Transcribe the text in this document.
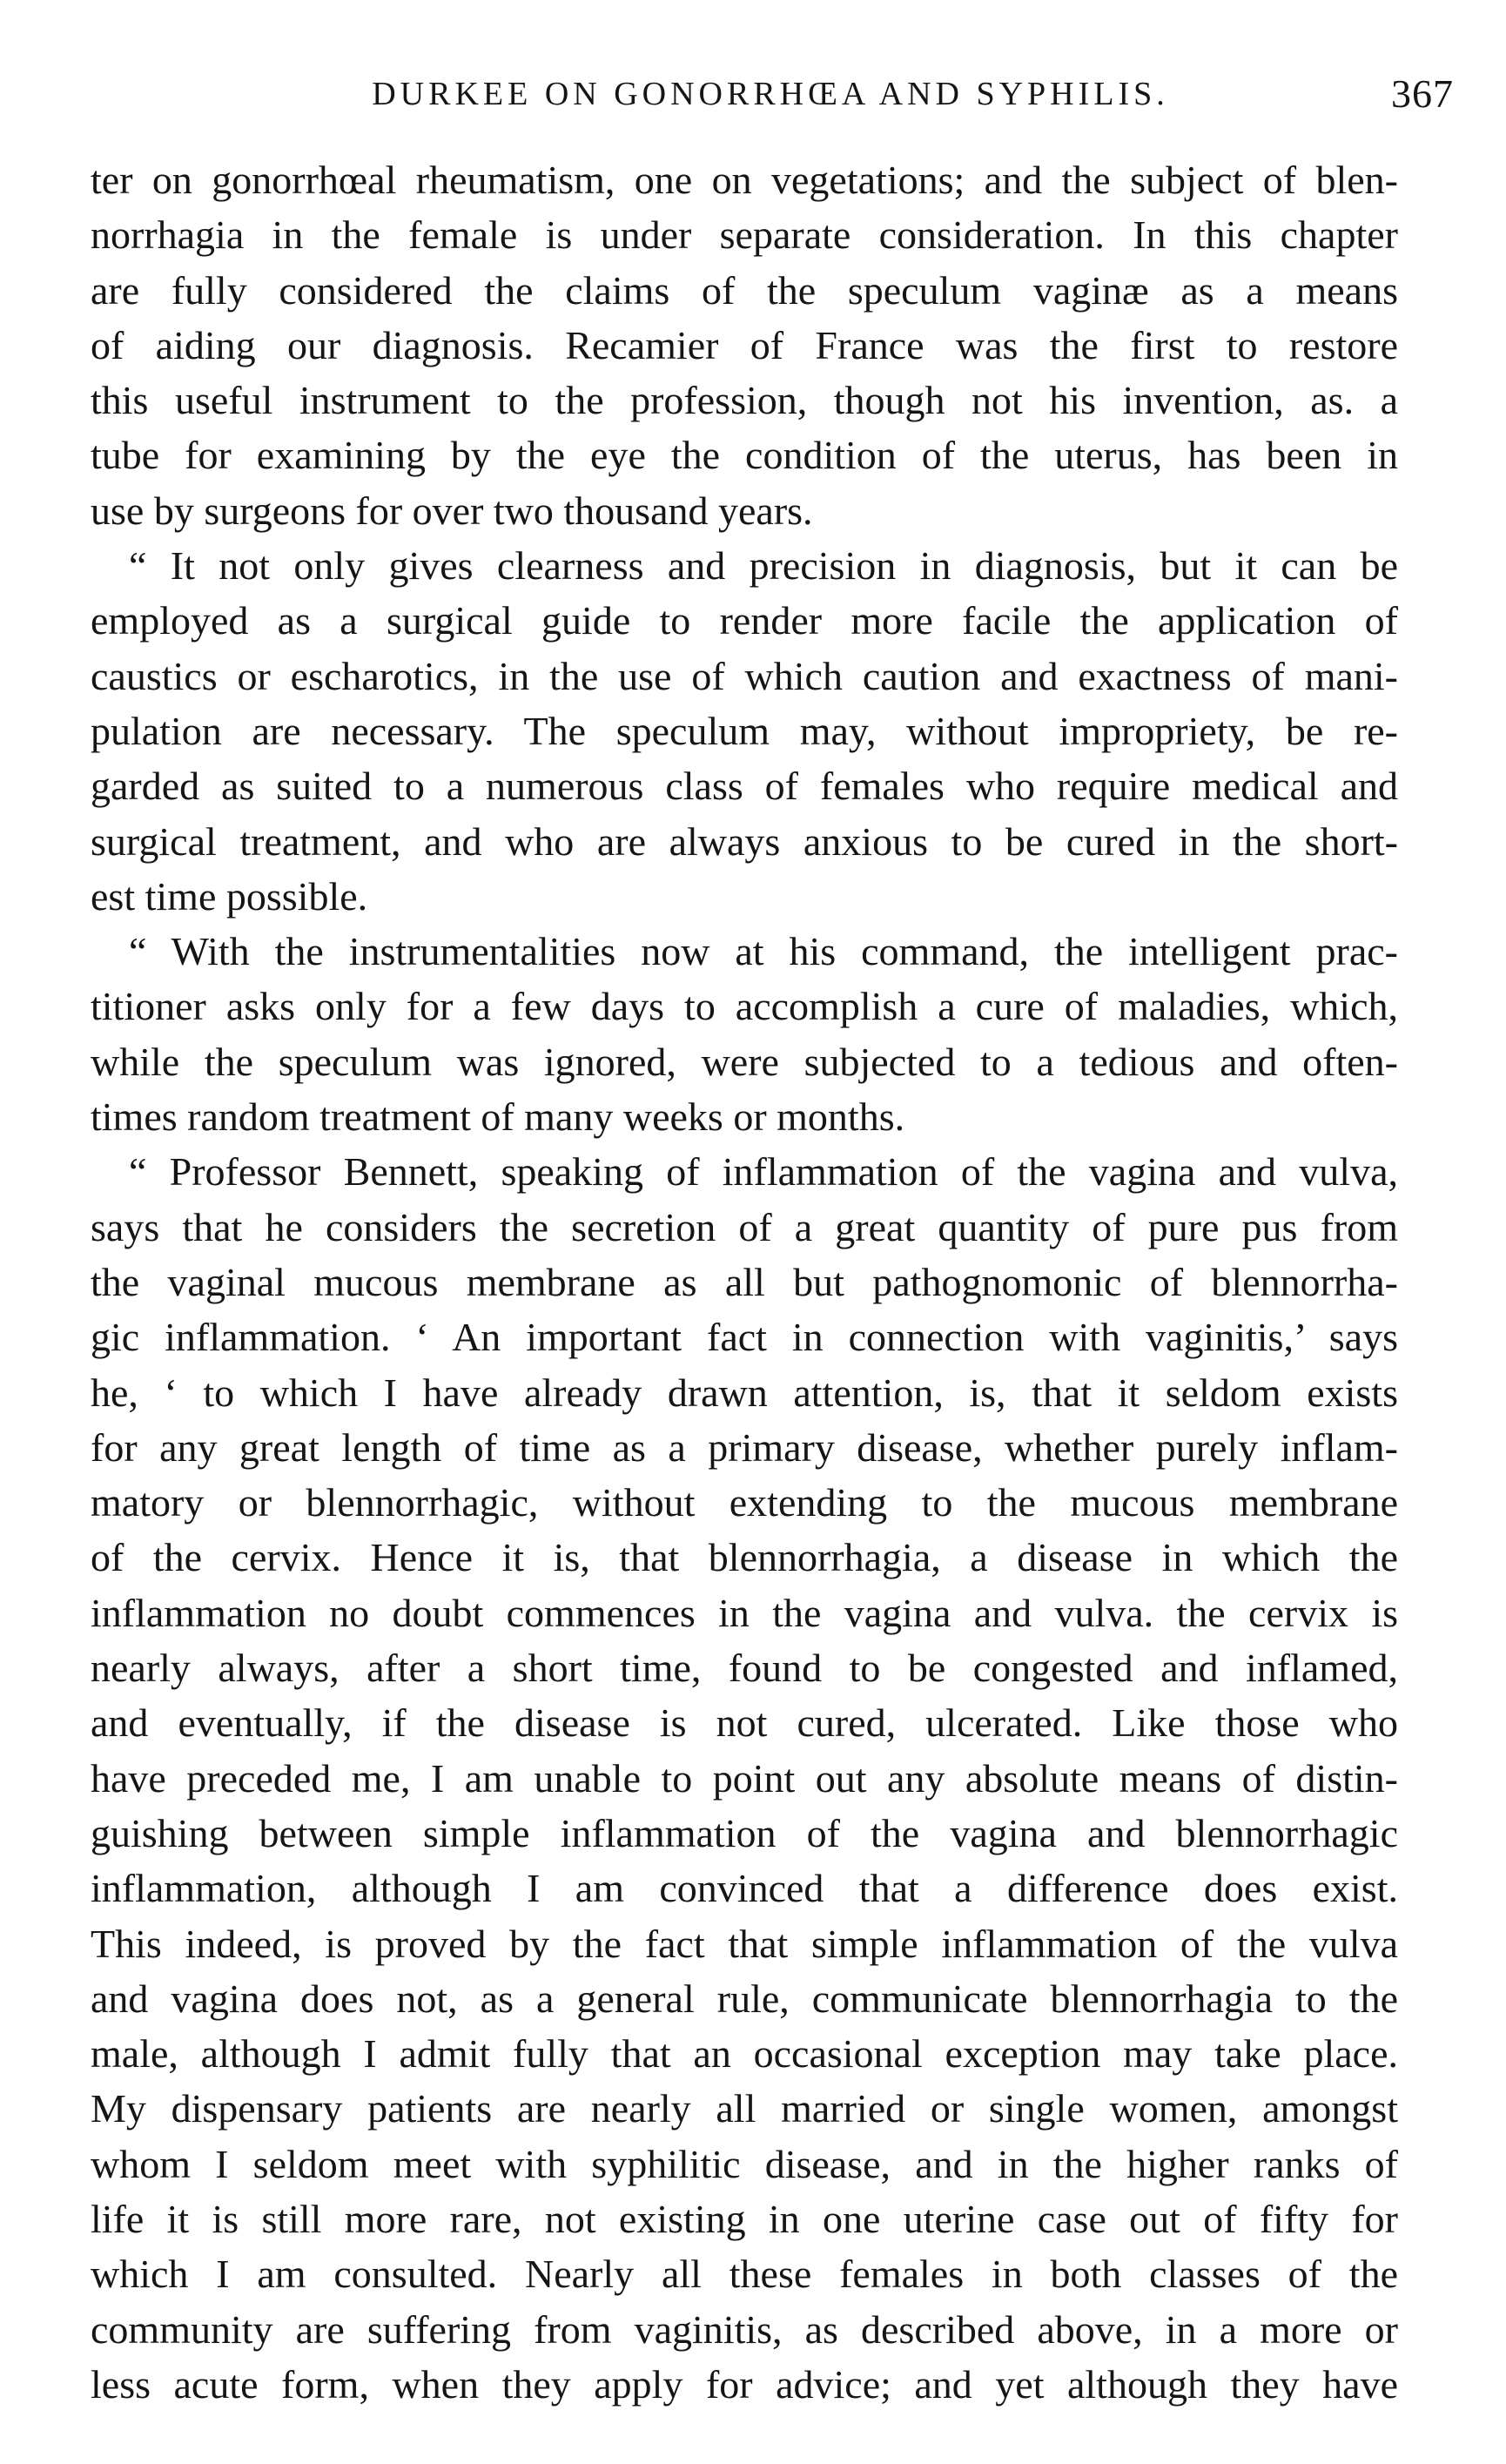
DURKEE ON GONORRHŒA AND SYPHILIS.	367
ter on gonorrhœal rheumatism, one on vegetations; and the subject of blen-
norrhagia in the female is under separate consideration. In this chapter
are fully considered the claims of the speculum vaginæ as a means
of aiding our diagnosis. Recamier of France was the first to restore
this useful instrument to the profession, though not his invention, as. a
tube for examining by the eye the condition of the uterus, has been in
use by surgeons for over two thousand years.
“ It not only gives clearness and precision in diagnosis, but it can be
employed as a surgical guide to render more facile the application of
caustics or escharotics, in the use of which caution and exactness of mani-
pulation are necessary. The speculum may, without impropriety, be re-
garded as suited to a numerous class of females who require medical and
surgical treatment, and who are always anxious to be cured in the short-
est time possible.
“ With the instrumentalities now at his command, the intelligent prac-
titioner asks only for a few days to accomplish a cure of maladies, which,
while the speculum was ignored, were subjected to a tedious and often-
times random treatment of many weeks or months.
“ Professor Bennett, speaking of inflammation of the vagina and vulva,
says that he considers the secretion of a great quantity of pure pus from
the vaginal mucous membrane as all but pathognomonic of blennorrha-
gic inflammation. ‘ An important fact in connection with vaginitis,’ says
he, ‘ to which I have already drawn attention, is, that it seldom exists
for any great length of time as a primary disease, whether purely inflam-
matory or blennorrhagic, without extending to the mucous membrane
of the cervix. Hence it is, that blennorrhagia, a disease in which the
inflammation no doubt commences in the vagina and vulva. the cervix is
nearly always, after a short time, found to be congested and inflamed,
and eventually, if the disease is not cured, ulcerated. Like those who
have preceded me, I am unable to point out any absolute means of distin-
guishing between simple inflammation of the vagina and blennorrhagic
inflammation, although I am convinced that a difference does exist.
This indeed, is proved by the fact that simple inflammation of the vulva
and vagina does not, as a general rule, communicate blennorrhagia to the
male, although I admit fully that an occasional exception may take place.
My dispensary patients are nearly all married or single women, amongst
whom I seldom meet with syphilitic disease, and in the higher ranks of
life it is still more rare, not existing in one uterine case out of fifty for
which I am consulted. Nearly all these females in both classes of the
community are suffering from vaginitis, as described above, in a more or
less acute form, when they apply for advice; and yet although they have
